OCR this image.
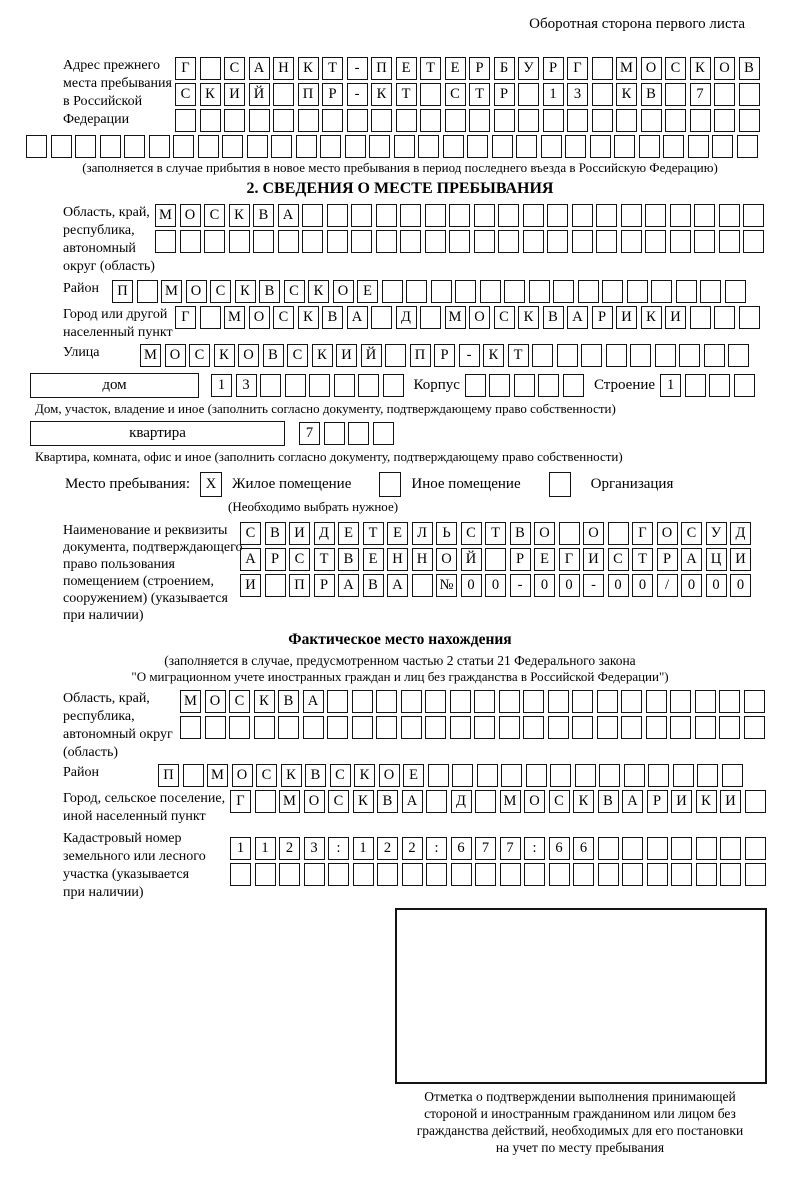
Оборотная сторона первого листа
Адрес прежнего
места пребывания
в Российской
Федерации
Г	С А Н К	Т	-	П	Е	Т	Е	Р	Б	У	Р	Г	М О С	К О В
С	К И Й	П	Р	-	К	Т	С	Т	Р	1	3	К	В	7
(заполняется в случае прибытия в новое место пребывания в период последнего въезда в Российскую Федерацию)
2. СВЕДЕНИЯ О МЕСТЕ ПРЕБЫВАНИЯ
Область, край,
республика,
автономный
округ (область)
М О С	К	В А
Район	П	М О С	К	В	С	К О	Е
Город или другой
населенный пункт
Г	М О С	К	В А	Д	М О С	К	В А	Р	И К И
Улица	М О С	К О В	С	К И Й	П	Р	-	К	Т
дом	1	3	Корпус	Строение 1
Дом, участок, владение и иное (заполнить согласно документу, подтверждающему право собственности)
квартира	7
Квартира, комната, офис и иное (заполнить согласно документу, подтверждающему право собственности)
Место пребывания:	X	Жилое помещение	Иное помещение	Организация
(Необходимо выбрать нужное)
Наименование и реквизиты
документа, подтверждающего
право пользования
помещением (строением,
сооружением) (указывается
при наличии)
С	В И Д	Е	Т	Е	Л	Ь	С	Т	В О	О	Г	О С	У Д
А	Р	С	Т	В	Е	Н Н О Й	Р	Е	Г	И С	Т	Р	А Ц И
И	П	Р	А В А	№ 0	0	-	0	0	-	0	0	/	0	0	0
Фактическое место нахождения
(заполняется в случае, предусмотренном частью 2 статьи 21 Федерального закона
"О миграционном учете иностранных граждан и лиц без гражданства в Российской Федерации")
Область, край,
республика,
автономный округ
(область)
М О С	К	В А
Район	П	М О С	К	В	С	К О	Е
Город, сельское поселение,
иной населенный пункт
Г	М О С	К	В А	Д	М О С	К	В А	Р	И К И
Кадастровый номер
земельного или лесного
участка (указывается
при наличии)
1	1	2	3	:	1	2	2	:	6	7	7	:	6	6
Отметка о подтверждении выполнения принимающей
стороной и иностранным гражданином или лицом без
гражданства действий, необходимых для его постановки
на учет по месту пребывания
